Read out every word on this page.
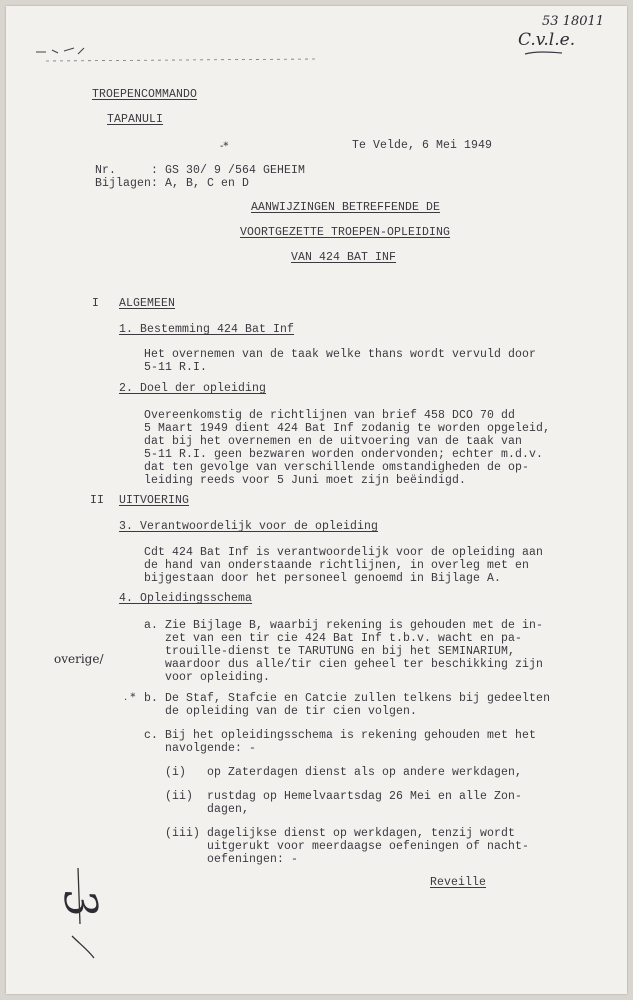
53 18011
C.v.l.e.
TROEPENCOMMANDO
TAPANULI
Te Velde, 6 Mei 1949
-*
Nr.     : GS 30/ 9 /564 GEHEIM
Bijlagen: A, B, C en D
AANWIJZINGEN BETREFFENDE DE
VOORTGEZETTE TROEPEN-OPLEIDING
VAN 424 BAT INF
I ALGEMEEN
1. Bestemming 424 Bat Inf
Het overnemen van de taak welke thans wordt vervuld door
5-11 R.I.
2. Doel der opleiding
Overeenkomstig de richtlijnen van brief 458 DCO 70 dd
5 Maart 1949 dient 424 Bat Inf zodanig te worden opgeleid,
dat bij het overnemen en de uitvoering van de taak van
5-11 R.I. geen bezwaren worden ondervonden; echter m.d.v.
dat ten gevolge van verschillende omstandigheden de op-
leiding reeds voor 5 Juni moet zijn beëindigd.
II UITVOERING
3. Verantwoordelijk voor de opleiding
Cdt 424 Bat Inf is verantwoordelijk voor de opleiding aan
de hand van onderstaande richtlijnen, in overleg met en
bijgestaan door het personeel genoemd in Bijlage A.
4. Opleidingsschema
a. Zie Bijlage B, waarbij rekening is gehouden met de in-
zet van een tir cie 424 Bat Inf t.b.v. wacht en pa-
trouille-dienst te TARUTUNG en bij het SEMINARIUM,
waardoor dus alle/tir cien geheel ter beschikking zijn
voor opleiding.
overige/
. * b. De Staf, Stafcie en Catcie zullen telkens bij gedeelten
de opleiding van de tir cien volgen.
c. Bij het opleidingsschema is rekening gehouden met het
navolgende: -
(i)   op Zaterdagen dienst als op andere werkdagen,
(ii)  rustdag op Hemelvaartsdag 26 Mei en alle Zon-
dagen,
(iii) dagelijkse dienst op werkdagen, tenzij wordt
uitgerukt voor meerdaagse oefeningen of nacht-
oefeningen: -
Reveille
3
